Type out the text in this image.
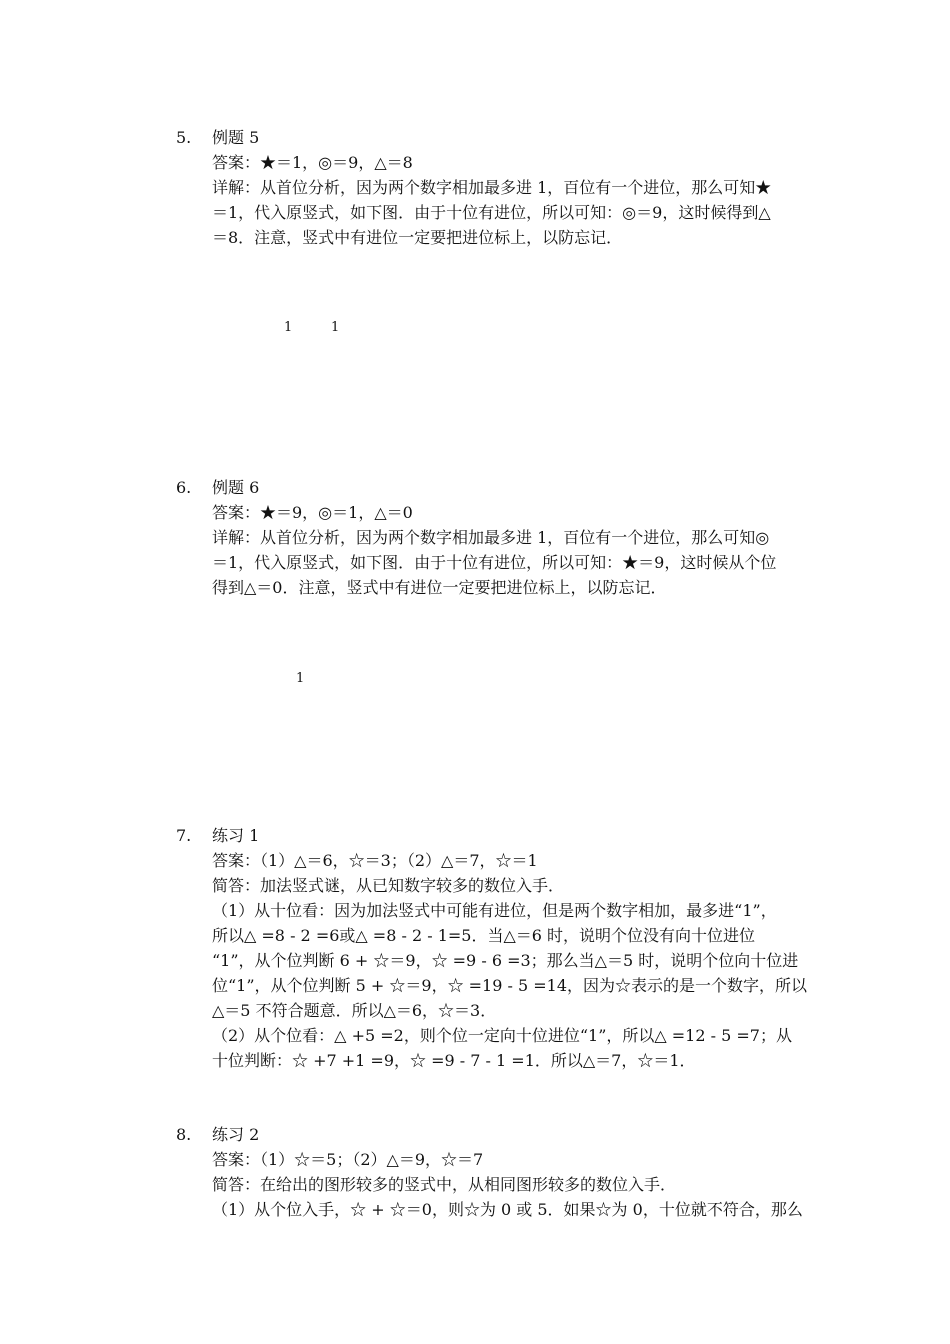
5. 例题 5
答案：★＝1，◎＝9，△＝8
详解：从首位分析，因为两个数字相加最多进 1，百位有一个进位，那么可知★
＝1，代入原竖式，如下图．由于十位有进位，所以可知：◎＝9，这时候得到△
＝8．注意，竖式中有进位一定要把进位标上，以防忘记．
1	1
6. 例题 6
答案：★＝9，◎＝1，△＝0
详解：从首位分析，因为两个数字相加最多进 1，百位有一个进位，那么可知◎
＝1，代入原竖式，如下图．由于十位有进位，所以可知：★＝9，这时候从个位
得到△＝0．注意，竖式中有进位一定要把进位标上，以防忘记．
1
7. 练习 1
答案：（1）△＝6，☆＝3；（2）△＝7，☆＝1
简答：加法竖式谜，从已知数字较多的数位入手．
（1）从十位看：因为加法竖式中可能有进位，但是两个数字相加，最多进“1”，
所以△ =8 - 2 =6或△ =8 - 2 - 1=5．当△＝6 时，说明个位没有向十位进位
“1”，从个位判断 6 + ☆＝9，☆ =9 - 6 =3；那么当△＝5 时，说明个位向十位进
位“1”，从个位判断 5 + ☆＝9，☆ =19 - 5 =14，因为☆表示的是一个数字，所以
△＝5 不符合题意．所以△＝6，☆＝3．
（2）从个位看：△ +5 =2，则个位一定向十位进位“1”，所以△ =12 - 5 =7；从
十位判断：☆ +7 +1 =9，☆ =9 - 7 - 1 =1．所以△＝7，☆＝1．
8. 练习 2
答案：（1）☆＝5；（2）△＝9，☆＝7
简答：在给出的图形较多的竖式中，从相同图形较多的数位入手．
（1）从个位入手，☆ + ☆＝0，则☆为 0 或 5．如果☆为 0，十位就不符合，那么
